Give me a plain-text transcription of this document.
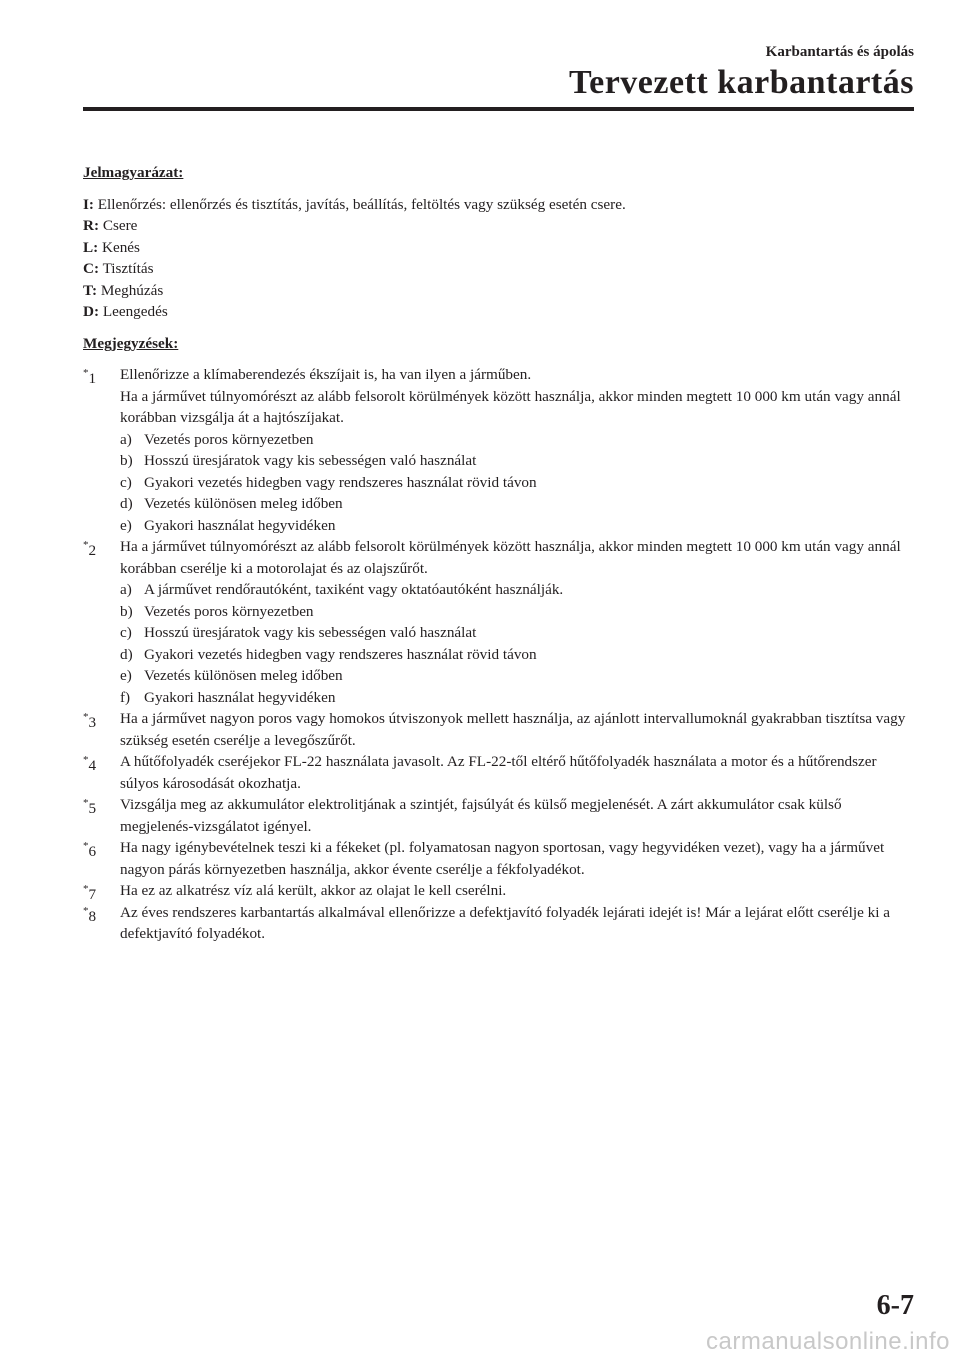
Karbantartás és ápolás
Tervezett karbantartás
Jelmagyarázat:
I: Ellenőrzés: ellenőrzés és tisztítás, javítás, beállítás, feltöltés vagy szükség esetén csere.
R: Csere
L: Kenés
C: Tisztítás
T: Meghúzás
D: Leengedés
Megjegyzések:
*1 Ellenőrizze a klímaberendezés ékszíjait is, ha van ilyen a járműben.
Ha a járművet túlnyomórészt az alább felsorolt körülmények között használja, akkor minden megtett 10 000 km után vagy annál korábban vizsgálja át a hajtószíjakat.
a) Vezetés poros környezetben
b) Hosszú üresjáratok vagy kis sebességen való használat
c) Gyakori vezetés hidegben vagy rendszeres használat rövid távon
d) Vezetés különösen meleg időben
e) Gyakori használat hegyvidéken
*2 Ha a járművet túlnyomórészt az alább felsorolt körülmények között használja, akkor minden megtett 10 000 km után vagy annál korábban cserélje ki a motorolajat és az olajszűrőt.
a) A járművet rendőrautóként, taxiként vagy oktatóautóként használják.
b) Vezetés poros környezetben
c) Hosszú üresjáratok vagy kis sebességen való használat
d) Gyakori vezetés hidegben vagy rendszeres használat rövid távon
e) Vezetés különösen meleg időben
f) Gyakori használat hegyvidéken
*3 Ha a járművet nagyon poros vagy homokos útviszonyok mellett használja, az ajánlott intervallumoknál gyakrabban tisztítsa vagy szükség esetén cserélje a levegőszűrőt.
*4 A hűtőfolyadék cseréjekor FL-22 használata javasolt. Az FL-22-től eltérő hűtőfolyadék használata a motor és a hűtőrendszer súlyos károsodását okozhatja.
*5 Vizsgálja meg az akkumulátor elektrolitjának a szintjét, fajsúlyát és külső megjelenését. A zárt akkumulátor csak külső megjelenés-vizsgálatot igényel.
*6 Ha nagy igénybevételnek teszi ki a fékeket (pl. folyamatosan nagyon sportosan, vagy hegyvidéken vezet), vagy ha a járművet nagyon párás környezetben használja, akkor évente cserélje a fékfolyadékot.
*7 Ha ez az alkatrész víz alá került, akkor az olajat le kell cserélni.
*8 Az éves rendszeres karbantartás alkalmával ellenőrizze a defektjavító folyadék lejárati idejét is! Már a lejárat előtt cserélje ki a defektjavító folyadékot.
6-7
carmanualsonline.info
